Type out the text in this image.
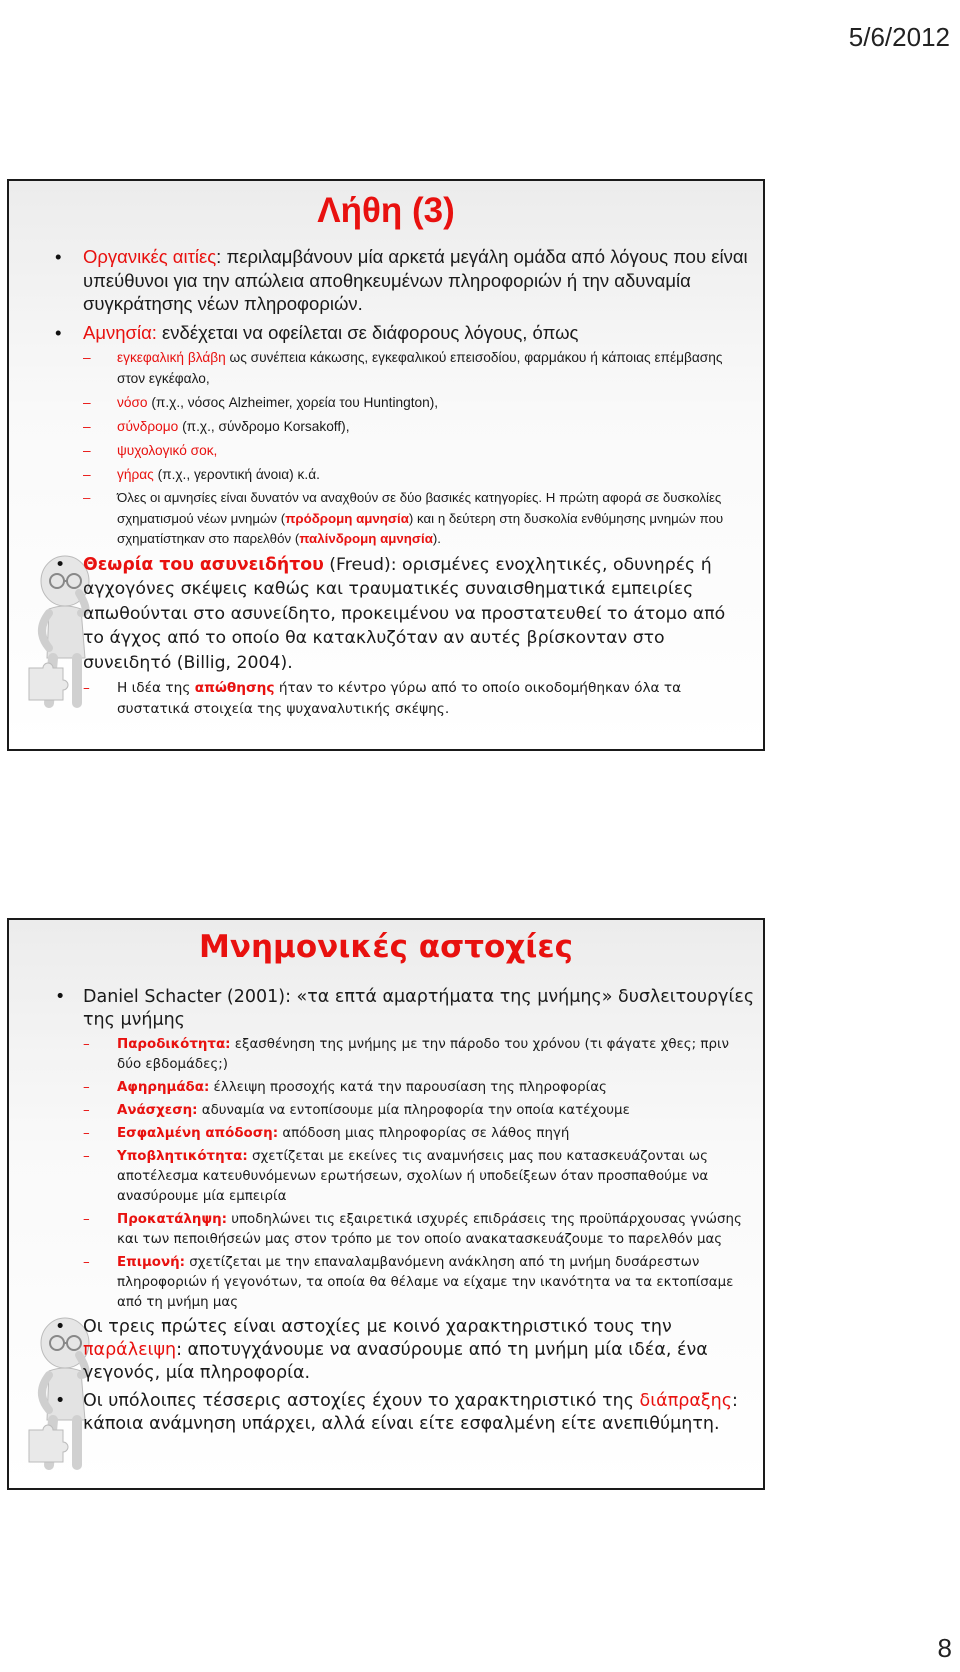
5/6/2012
Λήθη (3)
• Οργανικές αιτίες: περιλαμβάνουν μία αρκετά μεγάλη ομάδα από λόγους που είναι υπεύθυνοι για την απώλεια αποθηκευμένων πληροφοριών ή την αδυναμία συγκράτησης νέων πληροφοριών.
• Αμνησία: ενδέχεται να οφείλεται σε διάφορους λόγους, όπως
– εγκεφαλική βλάβη ως συνέπεια κάκωσης, εγκεφαλικού επεισοδίου, φαρμάκου ή κάποιας επέμβασης στον εγκέφαλο,
– νόσο (π.χ., νόσος Alzheimer, χορεία του Huntington),
– σύνδρομο (π.χ., σύνδρομο Korsakoff),
– ψυχολογικό σοκ,
– γήρας (π.χ., γεροντική άνοια) κ.ά.
– Όλες οι αμνησίες είναι δυνατόν να αναχθούν σε δύο βασικές κατηγορίες. Η πρώτη αφορά σε δυσκολίες σχηματισμού νέων μνημών (πρόδρομη αμνησία) και η δεύτερη στη δυσκολία ενθύμησης μνημών που σχηματίστηκαν στο παρελθόν (παλίνδρομη αμνησία).
• Θεωρία του ασυνειδήτου (Freud): ορισμένες ενοχλητικές, οδυνηρές ή αγχογόνες σκέψεις καθώς και τραυματικές συναισθηματικά εμπειρίες απωθούνται στο ασυνείδητο, προκειμένου να προστατευθεί το άτομο από το άγχος από το οποίο θα κατακλυζόταν αν αυτές βρίσκονταν στο συνειδητό (Billig, 2004).
– Η ιδέα της απώθησης ήταν το κέντρο γύρω από το οποίο οικοδομήθηκαν όλα τα συστατικά στοιχεία της ψυχαναλυτικής σκέψης.
Μνημονικές αστοχίες
• Daniel Schacter (2001): «τα επτά αμαρτήματα της μνήμης» δυσλειτουργίες της μνήμης
– Παροδικότητα: εξασθένηση της μνήμης με την πάροδο του χρόνου (τι φάγατε χθες; πριν δύο εβδομάδες;)
– Αφηρημάδα: έλλειψη προσοχής κατά την παρουσίαση της πληροφορίας
– Ανάσχεση: αδυναμία να εντοπίσουμε μία πληροφορία την οποία κατέχουμε
– Εσφαλμένη απόδοση: απόδοση μιας πληροφορίας σε λάθος πηγή
– Υποβλητικότητα: σχετίζεται με εκείνες τις αναμνήσεις μας που κατασκευάζονται ως αποτέλεσμα κατευθυνόμενων ερωτήσεων, σχολίων ή υποδείξεων όταν προσπαθούμε να ανασύρουμε μία εμπειρία
– Προκατάληψη: υποδηλώνει τις εξαιρετικά ισχυρές επιδράσεις της προϋπάρχουσας γνώσης και των πεποιθήσεών μας στον τρόπο με τον οποίο ανακατασκευάζουμε το παρελθόν μας
– Επιμονή: σχετίζεται με την επαναλαμβανόμενη ανάκληση από τη μνήμη δυσάρεστων πληροφοριών ή γεγονότων, τα οποία θα θέλαμε να είχαμε την ικανότητα να τα εκτοπίσαμε από τη μνήμη μας
• Οι τρεις πρώτες είναι αστοχίες με κοινό χαρακτηριστικό τους την παράλειψη: αποτυγχάνουμε να ανασύρουμε από τη μνήμη μία ιδέα, ένα γεγονός, μία πληροφορία.
• Οι υπόλοιπες τέσσερις αστοχίες έχουν το χαρακτηριστικό της διάπραξης: κάποια ανάμνηση υπάρχει, αλλά είναι είτε εσφαλμένη είτε ανεπιθύμητη.
8
